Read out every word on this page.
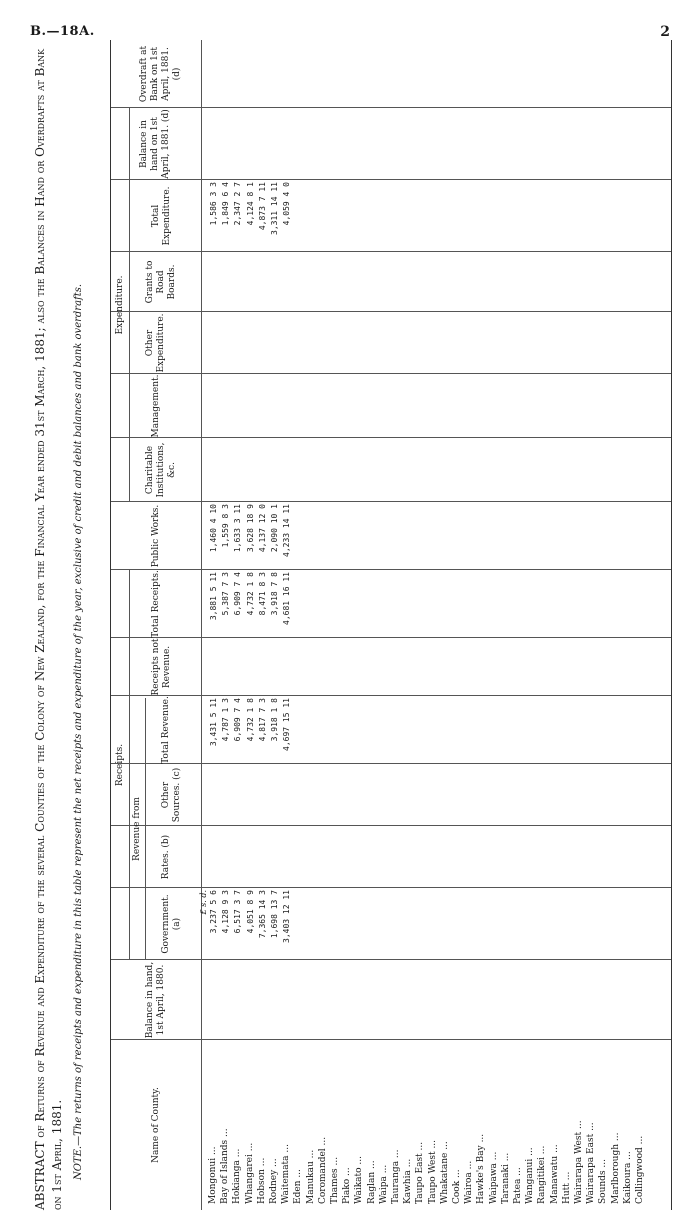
B.—18A.	2

ABSTRACT of Returns of Revenue and Expenditure of the several Counties of the Colony of New Zealand, for the Financial Year ended 31st March, 1881; also the Balances in Hand or Overdrafts at Bank on 1st April, 1881. NOTE.—The returns of receipts and expenditure in this table represent the net receipts and expenditure of the year, exclusive of credit and debit balances and bank overdrafts.	Name of County.
Balance in hand, 1st April, 1880.
Receipts.
Revenue from
Government. (a)
Rates. (b)
Other Sources. (c)
Total Revenue.
Receipts not Revenue.
Total Receipts.
Expenditure.
Public Works.
Charitable Institutions, &c.
Management.
Other Expenditure.
Grants to Road Boards.
Total Expenditure.
Balance in hand on 1st April, 1881. (d)
Overdraft at Bank on 1st April, 1881. (d)
Mongonui ...
3,237 5 6
3,431 5 11
3,881 5 11
1,460 4 10
1,586 3 3
Bay of Islands ...
4,128 9 3
4,787 1 3
5,387 7 3
1,559 8 3
1,849 6 4
Hokianga ...
6,517 3 7
6,909 7 4
6,909 7 4
1,633 3 11
2,347 2 7
Whangarei ...
4,051 8 9
4,732 1 8
4,732 1 8
3,628 18 9
4,124 8 1
Hobson ...
7,365 14 3
4,817 7 3
8,471 8 3
4,137 12 0
4,873 7 11
Rodney ...
1,698 13 7
3,918 1 8
3,918 7 8
2,090 10 1
3,311 14 11
Waitemata ...
3,403 12 11
4,697 15 11
4,681 16 11
4,233 14 11
4,059 4 0
Eden ... Manukau ... Coromandel ... Thames ... Piako ... Waikato ... Raglan ... Waipa ... Tauranga ... Kawhia ... Taupo East ... Taupo West ... Whakatane ... Cook ... Wairoa ... Hawke's Bay ... Waipawa ... Taranaki ... Patea ... Wanganui ... Rangitikei ... Manawatu ... Hutt ... Wairarapa West ... Wairarapa East ... Sounds ... Marlborough ... Kaikoura ... Collingwood ...
£ s. d.
